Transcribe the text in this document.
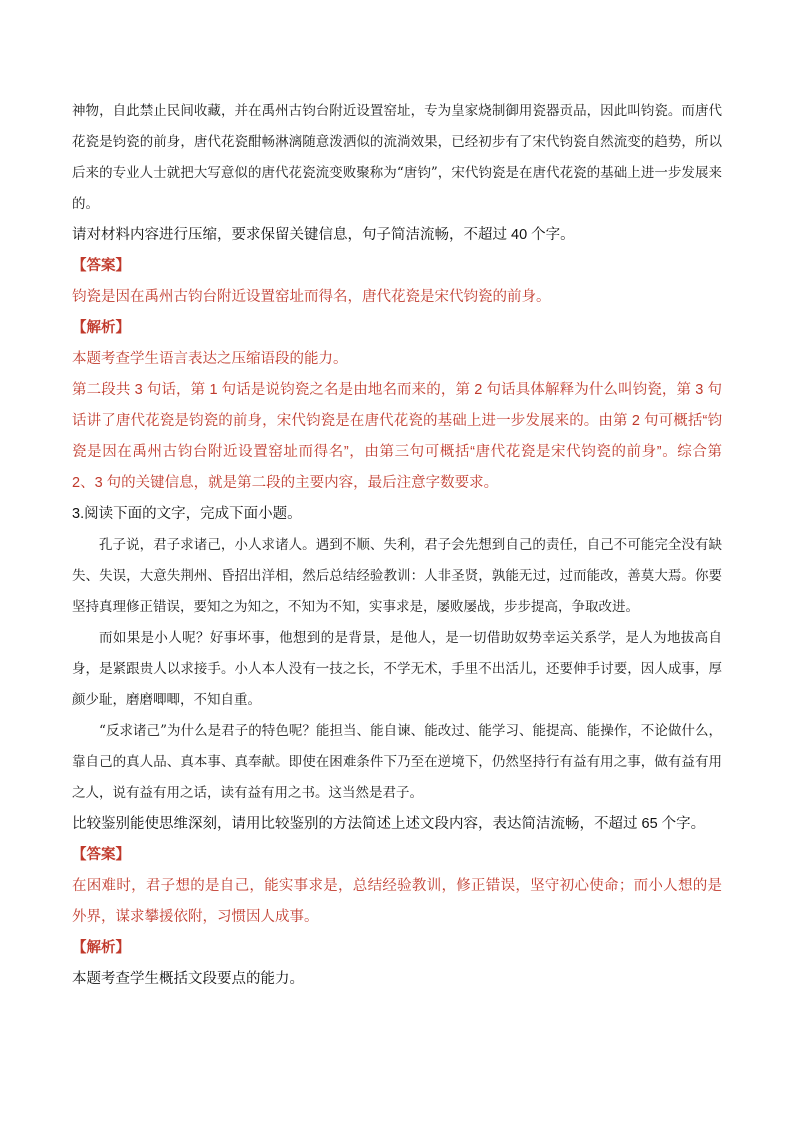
神物，自此禁止民间收藏，并在禹州古钧台附近设置窑址，专为皇家烧制御用瓷器贡品，因此叫钧瓷。而唐代花瓷是钧瓷的前身，唐代花瓷酣畅淋漓随意泼洒似的流淌效果，已经初步有了宋代钧瓷自然流变的趋势，所以后来的专业人士就把大写意似的唐代花瓷流变败聚称为“唐钧”，宋代钧瓷是在唐代花瓷的基础上进一步发展来的。

请对材料内容进行压缩，要求保留关键信息，句子简洁流畅，不超过 40 个字。

【答案】

钧瓷是因在禹州古钧台附近设置窑址而得名，唐代花瓷是宋代钧瓷的前身。

【解析】

本题考查学生语言表达之压缩语段的能力。

第二段共 3 句话，第 1 句话是说钧瓷之名是由地名而来的，第 2 句话具体解释为什么叫钧瓷，第 3 句话讲了唐代花瓷是钧瓷的前身，宋代钧瓷是在唐代花瓷的基础上进一步发展来的。由第 2 句可概括“钧瓷是因在禹州古钧台附近设置窑址而得名”，由第三句可概括“唐代花瓷是宋代钧瓷的前身”。综合第 2、3 句的关键信息，就是第二段的主要内容，最后注意字数要求。

3.阅读下面的文字，完成下面小题。

孔子说，君子求诸己，小人求诸人。遇到不顺、失利，君子会先想到自己的责任，自己不可能完全没有缺失、失误，大意失荆州、昏招出洋相，然后总结经验教训：人非圣贤，孰能无过，过而能改，善莫大焉。你要坚持真理修正错误，要知之为知之，不知为不知，实事求是，屡败屡战，步步提高，争取改进。

而如果是小人呢？好事坏事，他想到的是背景，是他人，是一切借助奴势幸运关系学，是人为地拔高自身，是紧跟贵人以求接手。小人本人没有一技之长，不学无术，手里不出活儿，还要伸手讨要，因人成事，厚颜少耻，磨磨唧唧，不知自重。

“反求诸己”为什么是君子的特色呢？能担当、能自谏、能改过、能学习、能提高、能操作，不论做什么，靠自己的真人品、真本事、真奉献。即使在困难条件下乃至在逆境下，仍然坚持行有益有用之事，做有益有用之人，说有益有用之话，读有益有用之书。这当然是君子。

比较鉴别能使思维深刻，请用比较鉴别的方法简述上述文段内容，表达简洁流畅，不超过 65 个字。

【答案】

在困难时，君子想的是自己，能实事求是，总结经验教训，修正错误，坚守初心使命；而小人想的是外界，谋求攀援依附，习惯因人成事。

【解析】

本题考查学生概括文段要点的能力。
